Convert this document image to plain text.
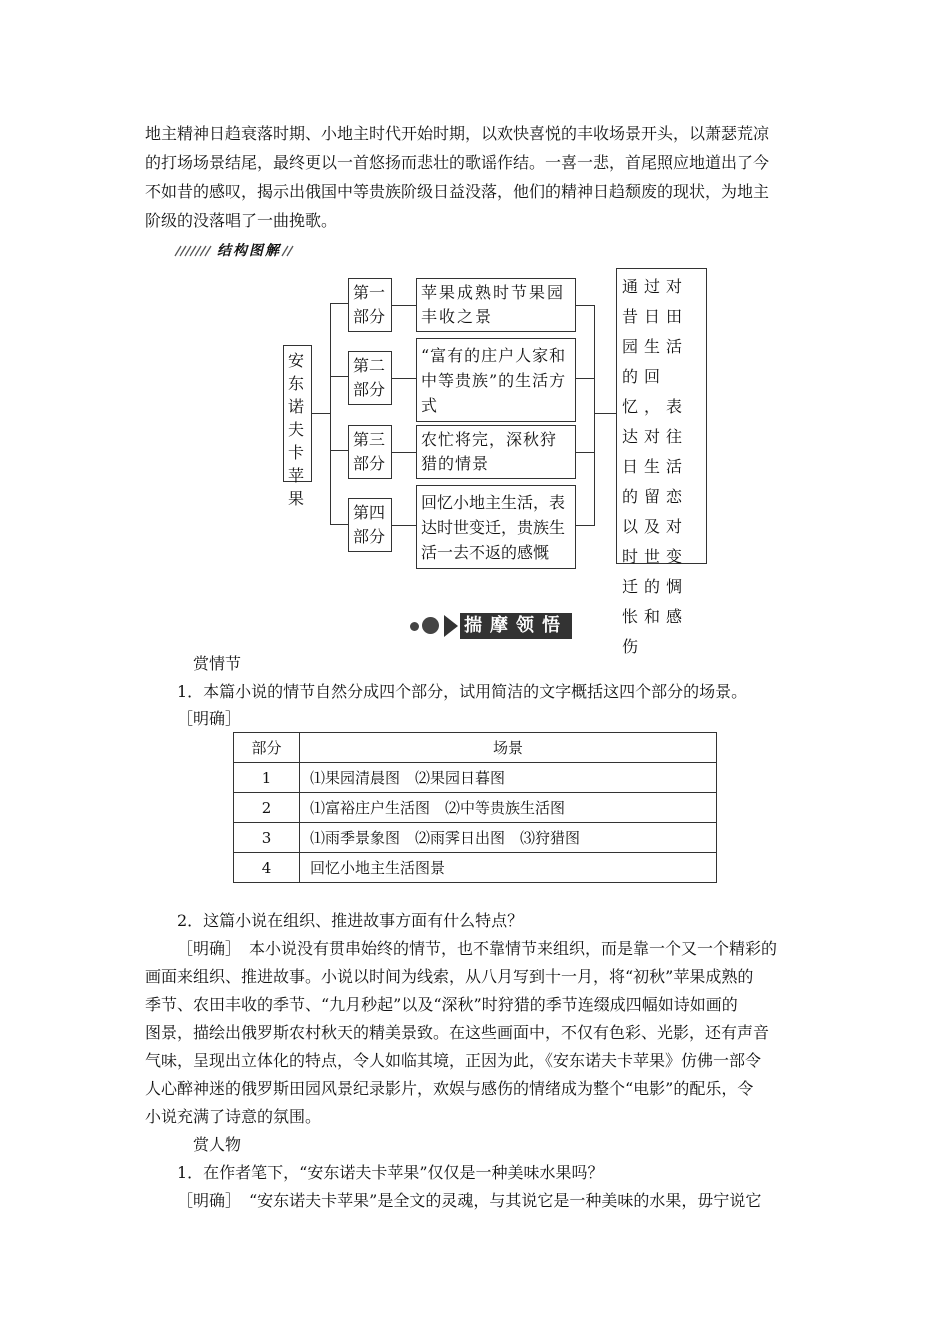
地主精神日趋衰落时期、小地主时代开始时期，以欢快喜悦的丰收场景开头，以萧瑟荒凉
的打场场景结尾，最终更以一首悠扬而悲壮的歌谣作结。一喜一悲，首尾照应地道出了今
不如昔的感叹，揭示出俄国中等贵族阶级日益没落，他们的精神日趋颓废的现状，为地主
阶级的没落唱了一曲挽歌。
结构图解
安东诺夫卡苹果
第一部分
第二部分
第三部分
第四部分
苹果成熟时节果园丰收之景
“富有的庄户人家和中等贵族”的生活方式
农忙将完，深秋狩猎的情景
回忆小地主生活，表达时世变迁，贵族生活一去不返的感慨
通过对昔日田园生活的回忆，表达对往日生活的留恋以及对时世变迁的惆怅和感伤
揣摩领悟
赏情节
1．本篇小说的情节自然分成四个部分，试用简洁的文字概括这四个部分的场景。
［明确］
部分	场景
1	⑴果园清晨图　⑵果园日暮图
2	⑴富裕庄户生活图　⑵中等贵族生活图
3	⑴雨季景象图　⑵雨霁日出图　⑶狩猎图
4	回忆小地主生活图景
2．这篇小说在组织、推进故事方面有什么特点？
［明确］　本小说没有贯串始终的情节，也不靠情节来组织，而是靠一个又一个精彩的
画面来组织、推进故事。小说以时间为线索，从八月写到十一月，将“初秋”苹果成熟的
季节、农田丰收的季节、“九月秒起”以及“深秋”时狩猎的季节连缀成四幅如诗如画的
图景，描绘出俄罗斯农村秋天的精美景致。在这些画面中，不仅有色彩、光影，还有声音
气味，呈现出立体化的特点，令人如临其境，正因为此，《安东诺夫卡苹果》仿佛一部令
人心醉神迷的俄罗斯田园风景纪录影片，欢娱与感伤的情绪成为整个“电影”的配乐，令
小说充满了诗意的氛围。
赏人物
1．在作者笔下，“安东诺夫卡苹果”仅仅是一种美味水果吗？
［明确］　“安东诺夫卡苹果”是全文的灵魂，与其说它是一种美味的水果，毋宁说它
